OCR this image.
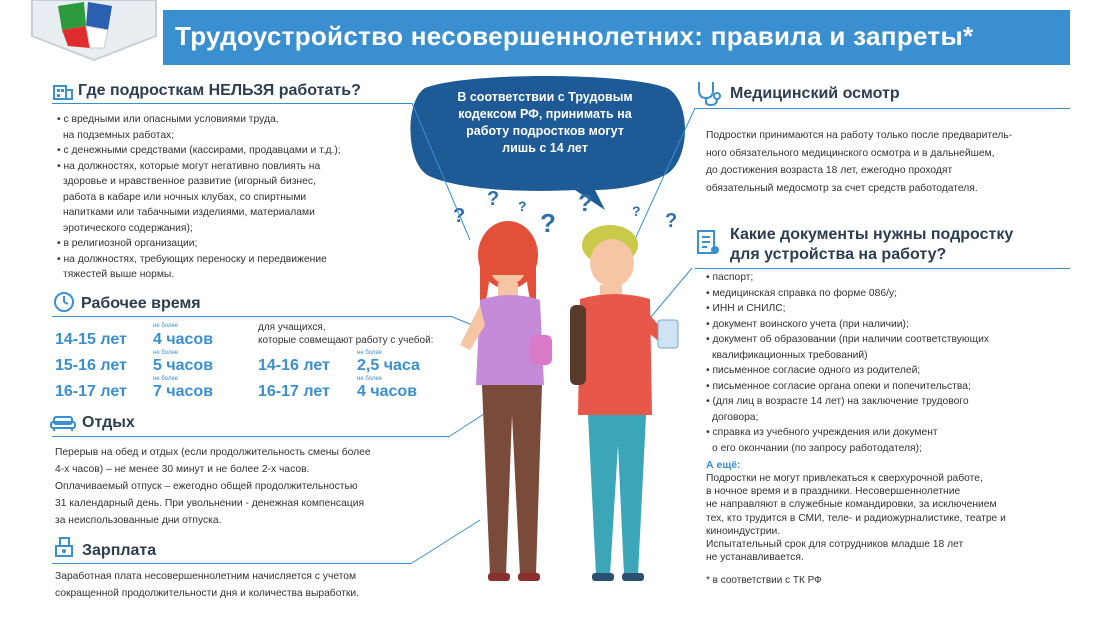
Трудоустройство несовершеннолетних: правила и запреты*
Где подросткам НЕЛЬЗЯ работать?
• с вредными или опасными условиями труда,
на подземных работах;
• с денежными средствами (кассирами, продавцами и т.д.);
• на должностях, которые могут негативно повлиять на
здоровье и нравственное развитие (игорный бизнес,
работа в кабаре или ночных клубах, со спиртными
напитками или табачными изделиями, материалами
эротического содержания);
• в религиозной организации;
• на должностях, требующих переноску и передвижение
тяжестей выше нормы.
Рабочее время
14-15 лет
не более
4 часов
15-16 лет
не более
5 часов
16-17 лет
не более
7 часов
для учащихся,
которые совмещают работу с учебой:
14-16 лет
не более
2,5 часа
16-17 лет
не более
4 часов
Отдых
Перерыв на обед и отдых (если продолжительность смены более
4-х часов) – не менее 30 минут и не более 2-х часов.
Оплачиваемый отпуск – ежегодно общей продолжительностью
31 календарный день. При увольнении - денежная компенсация
за неиспользованные дни отпуска.
Зарплата
Заработная плата несовершеннолетним начисляется с учетом
сокращенной продолжительности дня и количества выработки.
В соответствии с Трудовым
кодексом РФ, принимать на
работу подростков могут
лишь с 14 лет
?
? ?
?
?	? ?
Медицинский осмотр
Подростки принимаются на работу только после предваритель-
ного обязательного медицинского осмотра и в дальнейшем,
до достижения возраста 18 лет, ежегодно проходят
обязательный медосмотр за счет средств работодателя.
Какие документы нужны подростку
для устройства на работу?
• паспорт;
• медицинская справка по форме 086/у;
• ИНН и СНИЛС;
• документ воинского учета (при наличии);
• документ об образовании (при наличии соответствующих
квалификационных требований)
• письменное согласие одного из родителей;
• письменное согласие органа опеки и попечительства;
• (для лиц в возрасте 14 лет) на заключение трудового
договора;
• справка из учебного учреждения или документ
о его окончании (по запросу работодателя);
А ещё:
Подростки не могут привлекаться к сверхурочной работе,
в ночное время и в праздники. Несовершеннолетние
не направляют в служебные командировки, за исключением
тех, кто трудится в СМИ, теле- и радиожурналистике, театре и
киноиндустрии.
Испытательный срок для сотрудников младше 18 лет
не устанавливается.
* в соответствии с ТК РФ
